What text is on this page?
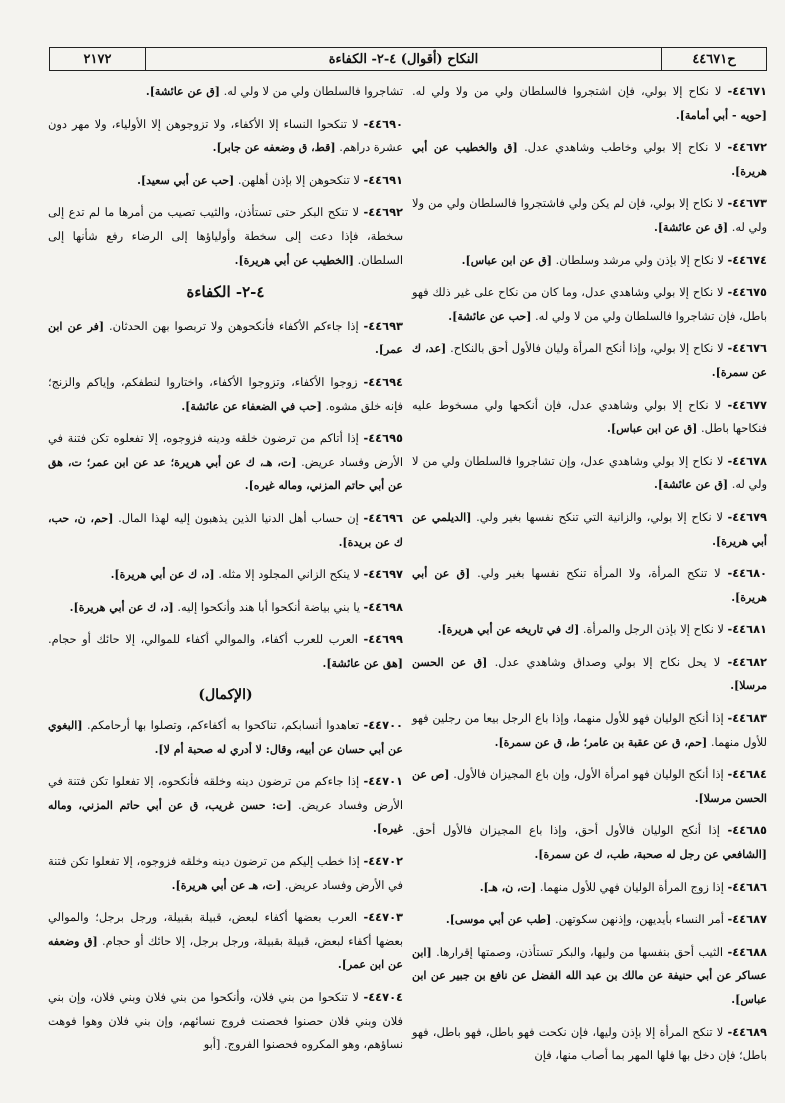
٢١٧٢	النكاح (أقوال) ٤-٢- الكفاءة	ح٤٤٦٧١
٤٤٦٧١- لا نكاح إلا بولي، فإن اشتجروا فالسلطان ولي من ولا ولي له. [حويه - أبي أمامة].
٤٤٦٧٢- لا نكاح إلا بولي وخاطب وشاهدي عدل. [ق والخطيب عن أبي هريرة].
٤٤٦٧٣- لا نكاح إلا بولي، فإن لم يكن ولي فاشتجروا فالسلطان ولي من ولا ولي له. [ق عن عائشة].
٤٤٦٧٤- لا نكاح إلا بإذن ولي مرشد وسلطان. [ق عن ابن عباس].
٤٤٦٧٥- لا نكاح إلا بولي وشاهدي عدل، وما كان من نكاح على غير ذلك فهو باطل، فإن تشاجروا فالسلطان ولي من لا ولي له. [حب عن عائشة].
٤٤٦٧٦- لا نكاح إلا بولي، وإذا أنكح المرأة وليان فالأول أحق بالنكاح. [عد، ك عن سمرة].
٤٤٦٧٧- لا نكاح إلا بولي وشاهدي عدل، فإن أنكحها ولي مسخوط عليه فنكاحها باطل. [ق عن ابن عباس].
٤٤٦٧٨- لا نكاح إلا بولي وشاهدي عدل، وإن تشاجروا فالسلطان ولي من لا ولي له. [ق عن عائشة].
٤٤٦٧٩- لا نكاح إلا بولي، والزانية التي تنكح نفسها بغير ولي. [الديلمي عن أبي هريرة].
٤٤٦٨٠- لا تنكح المرأة، ولا المرأة تنكح نفسها بغير ولي. [ق عن أبي هريرة].
٤٤٦٨١- لا نكاح إلا بإذن الرجل والمرأة. [ك في تاريخه عن أبي هريرة].
٤٤٦٨٢- لا يحل نكاح إلا بولي وصداق وشاهدي عدل. [ق عن الحسن مرسلا].
٤٤٦٨٣- إذا أنكح الوليان فهو للأول منهما، وإذا باع الرجل بيعا من رجلين فهو للأول منهما. [حم، ق عن عقبة بن عامر؛ ط، ق عن سمرة].
٤٤٦٨٤- إذا أنكح الوليان فهو امرأة الأول، وإن باع المجيزان فالأول. [ص عن الحسن مرسلا].
٤٤٦٨٥- إذا أنكح الوليان فالأول أحق، وإذا باع المجيزان فالأول أحق. [الشافعي عن رجل له صحبة، طب، ك عن سمرة].
٤٤٦٨٦- إذا زوج المرأة الوليان فهي للأول منهما. [ت، ن، هـ].
٤٤٦٨٧- أمر النساء بأيديهن، وإذنهن سكوتهن. [طب عن أبي موسى].
٤٤٦٨٨- الثيب أحق بنفسها من وليها، والبكر تستأذن، وصمتها إقرارها. [ابن عساكر عن أبي حنيفة عن مالك بن عبد الله الفضل عن نافع بن جبير عن ابن عباس].
٤٤٦٨٩- لا تنكح المرأة إلا بإذن وليها، فإن نكحت فهو باطل، فهو باطل، فهو باطل؛ فإن دخل بها فلها المهر بما أصاب منها، فإن
تشاجروا فالسلطان ولي من لا ولي له. [ق عن عائشة].
٤٤٦٩٠- لا تنكحوا النساء إلا الأكفاء، ولا تزوجوهن إلا الأولياء، ولا مهر دون عشرة دراهم. [قط، ق وضعفه عن جابر].
٤٤٦٩١- لا تنكحوهن إلا بإذن أهلهن. [حب عن أبي سعيد].
٤٤٦٩٢- لا تنكح البكر حتى تستأذن، والثيب تصيب من أمرها ما لم تدع إلى سخطة، فإذا دعت إلى سخطة وأولياؤها إلى الرضاء رفع شأنها إلى السلطان. [الخطيب عن أبي هريرة].
٤-٢- الكفاءة
٤٤٦٩٣- إذا جاءكم الأكفاء فأنكحوهن ولا تربصوا بهن الحدثان. [فر عن ابن عمر].
٤٤٦٩٤- زوجوا الأكفاء، وتزوجوا الأكفاء، واختاروا لنطفكم، وإياكم والزنج؛ فإنه خلق مشوه. [حب في الضعفاء عن عائشة].
٤٤٦٩٥- إذا أتاكم من ترضون خلقه ودينه فزوجوه، إلا تفعلوه تكن فتنة في الأرض وفساد عريض. [ت، هـ، ك عن أبي هريرة؛ عد عن ابن عمر؛ ت، هق عن أبي حاتم المزني، وماله غيره].
٤٤٦٩٦- إن حساب أهل الدنيا الذين يذهبون إليه لهذا المال. [حم، ن، حب، ك عن بريدة].
٤٤٦٩٧- لا ينكح الزاني المجلود إلا مثله. [د، ك عن أبي هريرة].
٤٤٦٩٨- يا بني بياضة أنكحوا أبا هند وأنكحوا إليه. [د، ك عن أبي هريرة].
٤٤٦٩٩- العرب للعرب أكفاء، والموالي أكفاء للموالي، إلا حائك أو حجام. [هق عن عائشة].
(الإكمال)
٤٤٧٠٠- تعاهدوا أنسابكم، تناكحوا به أكفاءكم، وتصلوا بها أرحامكم. [البغوي عن أبي حسان عن أبيه، وقال: لا أدري له صحبة أم لا].
٤٤٧٠١- إذا جاءكم من ترضون دينه وخلقه فأنكحوه، إلا تفعلوا تكن فتنة في الأرض وفساد عريض. [ت: حسن غريب، ق عن أبي حاتم المزني، وماله غيره].
٤٤٧٠٢- إذا خطب إليكم من ترضون دينه وخلقه فزوجوه، إلا تفعلوا تكن فتنة في الأرض وفساد عريض. [ت، هـ عن أبي هريرة].
٤٤٧٠٣- العرب بعضها أكفاء لبعض، قبيلة بقبيلة، ورجل برجل؛ والموالي بعضها أكفاء لبعض، قبيلة بقبيلة، ورجل برجل، إلا حائك أو حجام. [ق وضعفه عن ابن عمر].
٤٤٧٠٤- لا تنكحوا من بني فلان، وأنكحوا من بني فلان وبني فلان، وإن بني فلان وبني فلان حصنوا فحصنت فروج نسائهم، وإن بني فلان وهوا فوهت نساؤهم، وهو المكروه فحصنوا الفروج. [أبو
